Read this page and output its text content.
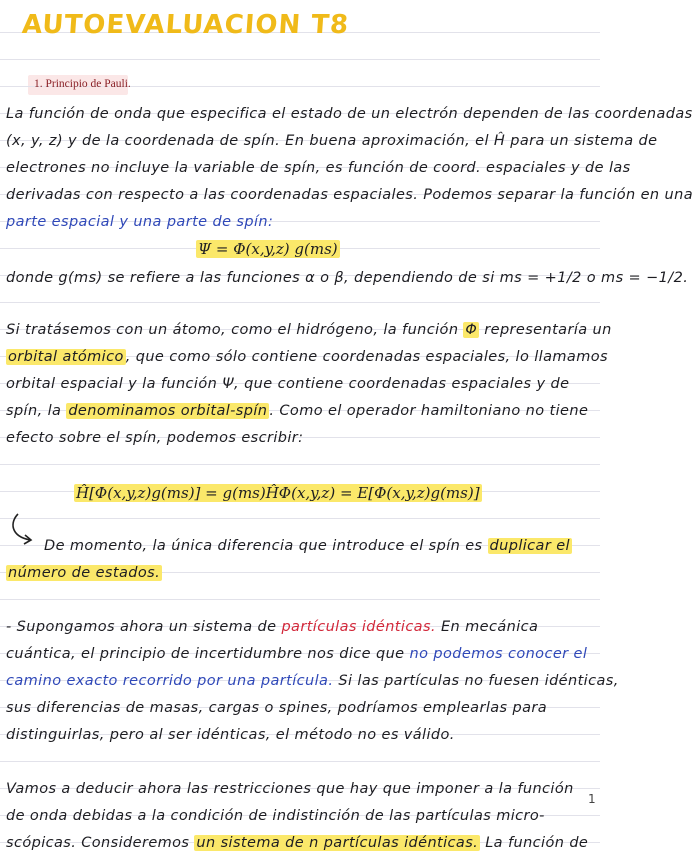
AUTOEVALUACION T8
1. Principio de Pauli.
La función de onda que especifica el estado de un electrón dependen de las coordenadas
(x, y, z) y de la coordenada de spín. En buena aproximación, el Ĥ para un sistema de
electrones no incluye la variable de spín, es función de coord. espaciales y de las
derivadas con respecto a las coordenadas espaciales. Podemos separar la función en una
parte espacial y una parte de spín:
Ψ = Φ(x,y,z) g(ms)
donde g(ms) se refiere a las funciones α o β, dependiendo de si ms = +1/2 o ms = −1/2.
Si tratásemos con un átomo, como el hidrógeno, la función Φ representaría un
orbital atómico , que como sólo contiene coordenadas espaciales, lo llamamos
orbital espacial y la función Ψ, que contiene coordenadas espaciales y de
spín, la denominamos orbital-spín . Como el operador hamiltoniano no tiene
efecto sobre el spín, podemos escribir:
Ĥ[Φ(x,y,z)g(ms)] = g(ms)ĤΦ(x,y,z) = E[Φ(x,y,z)g(ms)]
De momento, la única diferencia que introduce el spín es duplicar el
número de estados.
- Supongamos ahora un sistema de partículas idénticas. En mecánica
cuántica, el principio de incertidumbre nos dice que no podemos conocer el
camino exacto recorrido por una partícula. Si las partículas no fuesen idénticas,
sus diferencias de masas, cargas o spines, podríamos emplearlas para
distinguirlas, pero al ser idénticas, el método no es válido.
Vamos a deducir ahora las restricciones que hay que imponer a la función
de onda debidas a la condición de indistinción de las partículas micro-
scópicas. Consideremos un sistema de n partículas idénticas. La función de
1
